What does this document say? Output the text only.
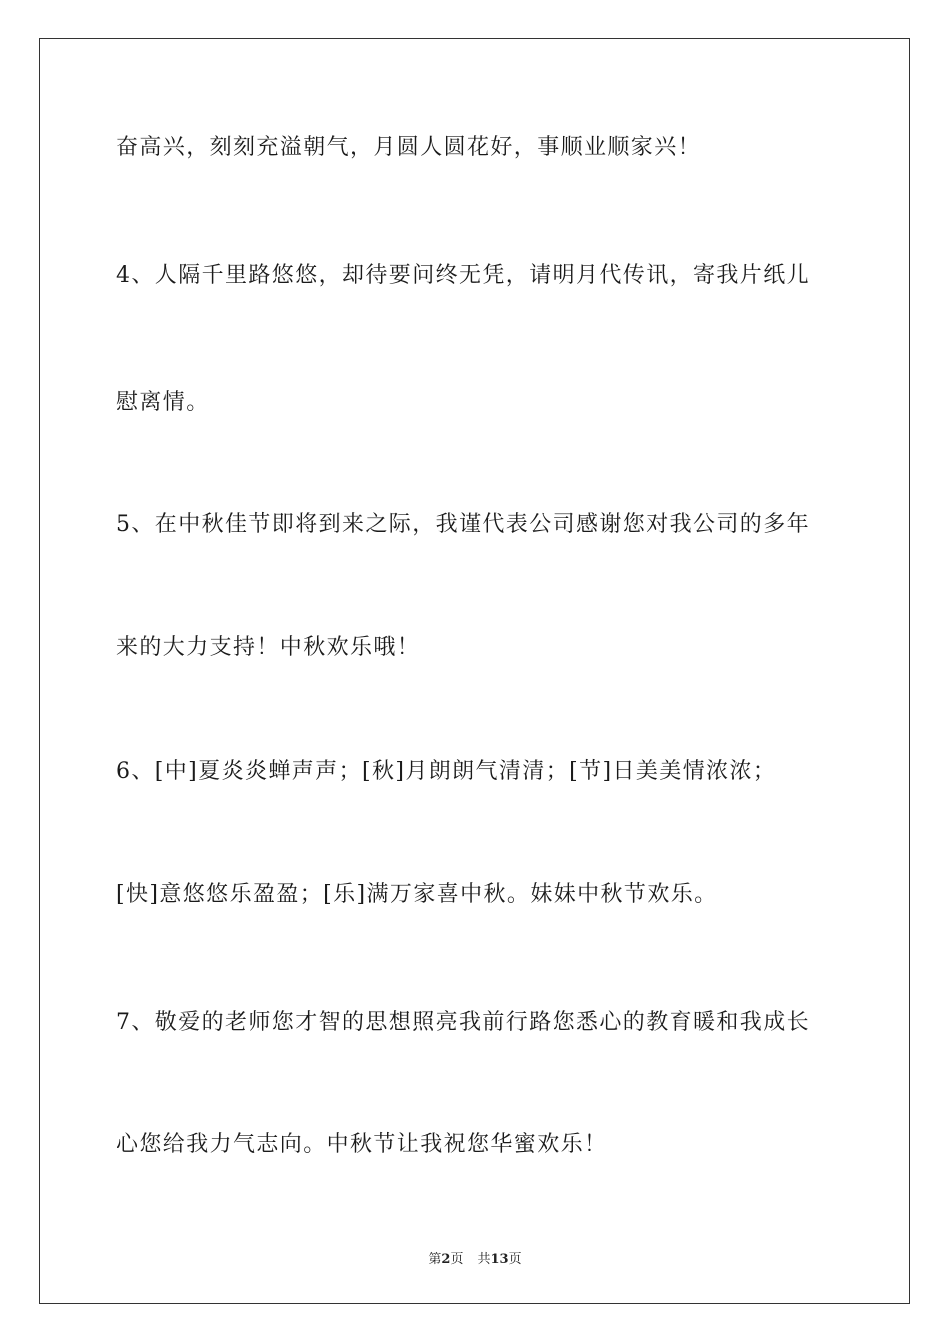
奋高兴，刻刻充溢朝气，月圆人圆花好，事顺业顺家兴！
4、人隔千里路悠悠，却待要问终无凭，请明月代传讯，寄我片纸儿
慰离情。
5、在中秋佳节即将到来之际，我谨代表公司感谢您对我公司的多年
来的大力支持！中秋欢乐哦！
6、[中]夏炎炎蝉声声；[秋]月朗朗气清清；[节]日美美情浓浓；
[快]意悠悠乐盈盈；[乐]满万家喜中秋。妹妹中秋节欢乐。
7、敬爱的老师您才智的思想照亮我前行路您悉心的教育暖和我成长
心您给我力气志向。中秋节让我祝您华蜜欢乐！
第2页 共13页
